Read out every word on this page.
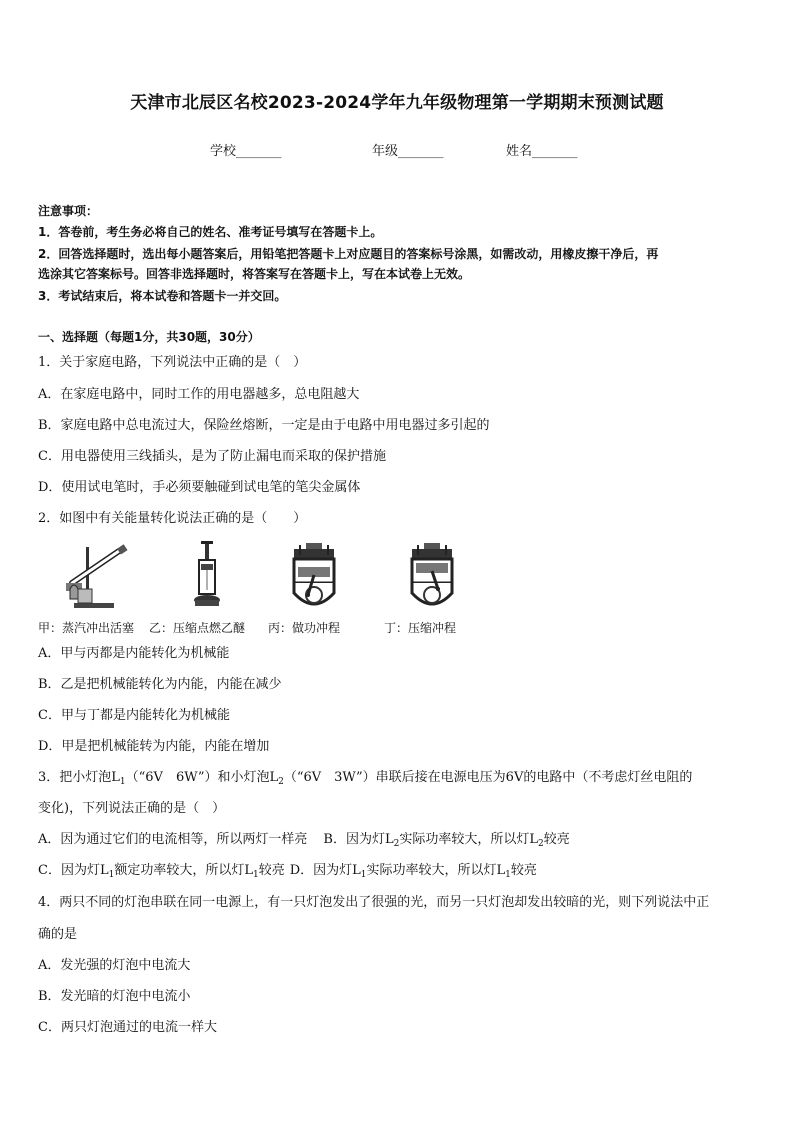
天津市北辰区名校2023-2024学年九年级物理第一学期期末预测试题
学校_______	年级_______	姓名_______
注意事项：
1．答卷前，考生务必将自己的姓名、准考证号填写在答题卡上。
2．回答选择题时，选出每小题答案后，用铅笔把答题卡上对应题目的答案标号涂黑，如需改动，用橡皮擦干净后，再
选涂其它答案标号。回答非选择题时，将答案写在答题卡上，写在本试卷上无效。
3．考试结束后，将本试卷和答题卡一并交回。
一、选择题（每题1分，共30题，30分）
1．关于家庭电路，下列说法中正确的是（　）
A．在家庭电路中，同时工作的用电器越多，总电阻越大
B．家庭电路中总电流过大，保险丝熔断，一定是由于电路中用电器过多引起的
C．用电器使用三线插头，是为了防止漏电而采取的保护措施
D．使用试电笔时，手必须要触碰到试电笔的笔尖金属体
2．如图中有关能量转化说法正确的是（　　）
甲：蒸汽冲出活塞 乙：压缩点燃乙醚 丙：做功冲程	丁：压缩冲程
A．甲与丙都是内能转化为机械能
B．乙是把机械能转化为内能，内能在减少
C．甲与丁都是内能转化为机械能
D．甲是把机械能转为内能，内能在增加
3．把小灯泡$L_1(“6V$　6W”）和小灯泡$L_2(“6V$　3W”）串联后接在电源电压为6V的电路中（不考虑灯丝电阻的
变化)，下列说法正确的是（　）
A．因为通过它们的电流相等，所以两灯一样亮 B．因为灯$L_2$实际功率较大，所以灯$L_2$较亮
C．因为灯$L_1$额定功率较大，所以灯$L_1$较亮 D．因为灯$L_1$实际功率较大，所以灯$L_1$较亮
4．两只不同的灯泡串联在同一电源上，有一只灯泡发出了很强的光，而另一只灯泡却发出较暗的光，则下列说法中正
确的是
A．发光强的灯泡中电流大
B．发光暗的灯泡中电流小
C．两只灯泡通过的电流一样大
